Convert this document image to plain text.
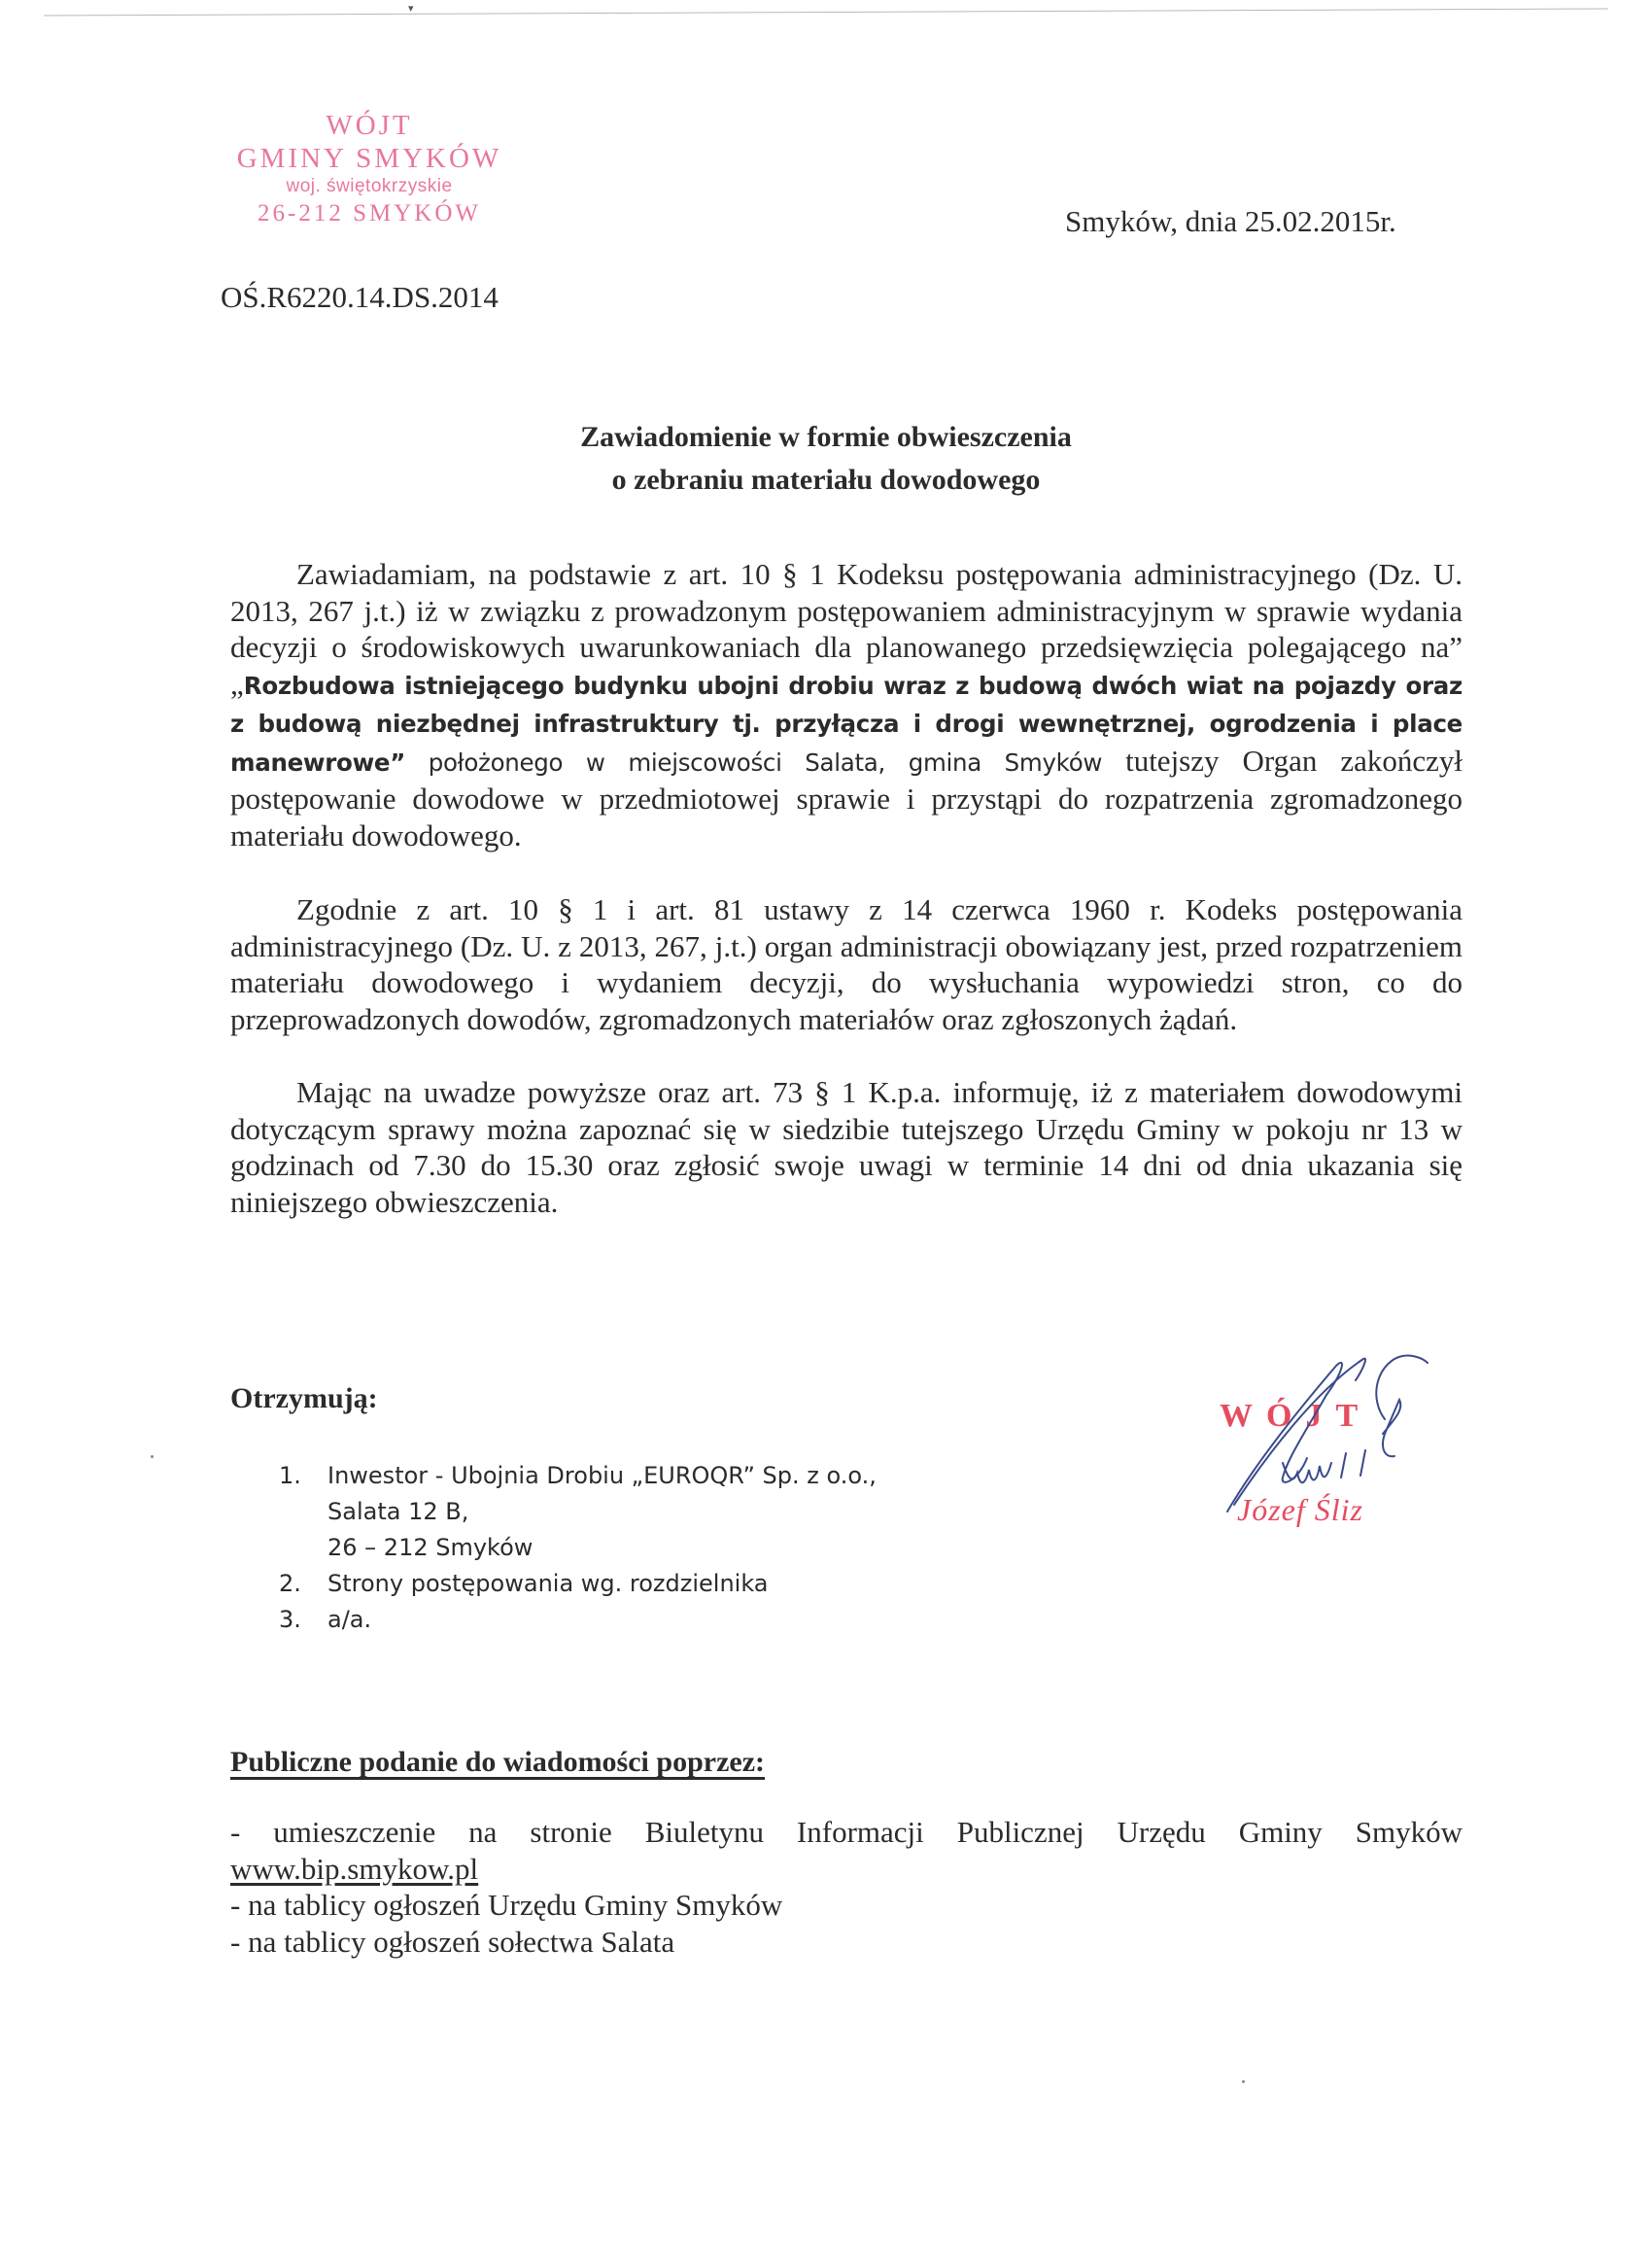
▾
WÓJT
GMINY SMYKÓW
woj. świętokrzyskie
26-212 SMYKÓW	Smyków, dnia 25.02.2015r.
OŚ.R6220.14.DS.2014
Zawiadomienie w formie obwieszczenia
o zebraniu materiału dowodowego

Zawiadamiam, na podstawie z art. 10 § 1 Kodeksu postępowania administracyjnego (Dz. U. 2013, 267 j.t.) iż w związku z prowadzonym postępowaniem administracyjnym w sprawie wydania decyzji o środowiskowych uwarunkowaniach dla planowanego przedsięwzięcia polegającego na” „Rozbudowa istniejącego budynku ubojni drobiu wraz z budową dwóch wiat na pojazdy oraz z budową niezbędnej infrastruktury tj. przyłącza i drogi wewnętrznej, ogrodzenia i place manewrowe” położonego w miejscowości Salata, gmina Smyków tutejszy Organ zakończył postępowanie dowodowe w przedmiotowej sprawie i przystąpi do rozpatrzenia zgromadzonego materiału dowodowego.

Zgodnie z art. 10 § 1 i art. 81 ustawy z 14 czerwca 1960 r. Kodeks postępowania administracyjnego (Dz. U. z 2013, 267, j.t.) organ administracji obowiązany jest, przed rozpatrzeniem materiału dowodowego i wydaniem decyzji, do wysłuchania wypowiedzi stron, co do przeprowadzonych dowodów, zgromadzonych materiałów oraz zgłoszonych żądań.

Mając na uwadze powyższe oraz art. 73 § 1 K.p.a. informuję, iż z materiałem dowodowymi dotyczącym sprawy można zapoznać się w siedzibie tutejszego Urzędu Gminy w pokoju nr 13 w godzinach od 7.30 do 15.30 oraz zgłosić swoje uwagi w terminie 14 dni od dnia ukazania się niniejszego obwieszczenia.

Otrzymują:
1.	Inwestor - Ubojnia Drobiu „EUROQR” Sp. z o.o.,
Salata 12 B,
26 – 212 Smyków
2.	Strony postępowania wg. rozdzielnika
3.	a/a.
WÓJT
Józef Śliz
Publiczne podanie do wiadomości poprzez:
- umieszczenie na stronie Biuletynu Informacji Publicznej Urzędu Gminy Smyków
www.bip.smykow.pl
- na tablicy ogłoszeń Urzędu Gminy Smyków
- na tablicy ogłoszeń sołectwa Salata
